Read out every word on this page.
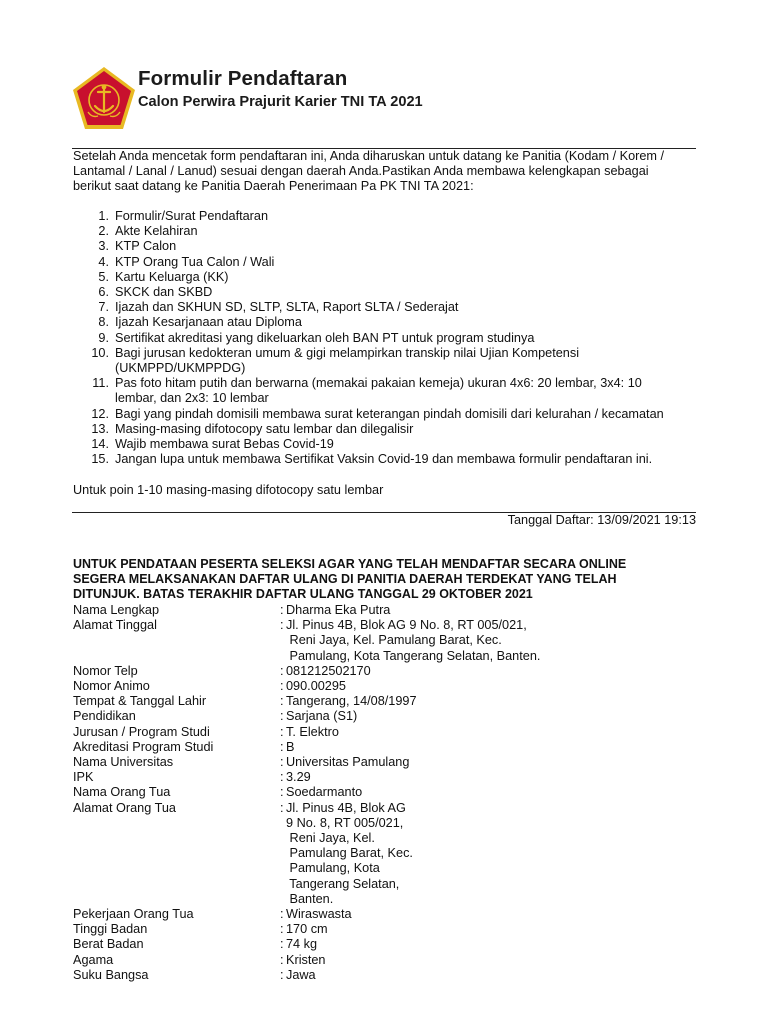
Formulir Pendaftaran
Calon Perwira Prajurit Karier TNI TA 2021
Setelah Anda mencetak form pendaftaran ini, Anda diharuskan untuk datang ke Panitia (Kodam / Korem /
Lantamal / Lanal / Lanud) sesuai dengan daerah Anda.Pastikan Anda membawa kelengkapan sebagai
berikut saat datang ke Panitia Daerah Penerimaan Pa PK TNI TA 2021:
1. Formulir/Surat Pendaftaran
2. Akte Kelahiran
3. KTP Calon
4. KTP Orang Tua Calon / Wali
5. Kartu Keluarga (KK)
6. SKCK dan SKBD
7. Ijazah dan SKHUN SD, SLTP, SLTA, Raport SLTA / Sederajat
8. Ijazah Kesarjanaan atau Diploma
9. Sertifikat akreditasi yang dikeluarkan oleh BAN PT untuk program studinya
10. Bagi jurusan kedokteran umum & gigi melampirkan transkip nilai Ujian Kompetensi
(UKMPPD/UKMPPDG)
11. Pas foto hitam putih dan berwarna (memakai pakaian kemeja) ukuran 4x6: 20 lembar, 3x4: 10
lembar, dan 2x3: 10 lembar
12. Bagi yang pindah domisili membawa surat keterangan pindah domisili dari kelurahan / kecamatan
13. Masing-masing difotocopy satu lembar dan dilegalisir
14. Wajib membawa surat Bebas Covid-19
15. Jangan lupa untuk membawa Sertifikat Vaksin Covid-19 dan membawa formulir pendaftaran ini.
Untuk poin 1-10 masing-masing difotocopy satu lembar
Tanggal Daftar: 13/09/2021 19:13
UNTUK PENDATAAN PESERTA SELEKSI AGAR YANG TELAH MENDAFTAR SECARA ONLINE
SEGERA MELAKSANAKAN DAFTAR ULANG DI PANITIA DAERAH TERDEKAT YANG TELAH
DITUNJUK. BATAS TERAKHIR DAFTAR ULANG TANGGAL 29 OKTOBER 2021
Nama Lengkap	: Dharma Eka Putra
Alamat Tinggal	: Jl. Pinus 4B, Blok AG 9 No. 8, RT 005/021,
Reni Jaya, Kel. Pamulang Barat, Kec.
Pamulang, Kota Tangerang Selatan, Banten.
Nomor Telp	: 081212502170
Nomor Animo	: 090.00295
Tempat & Tanggal Lahir	: Tangerang, 14/08/1997
Pendidikan	: Sarjana (S1)
Jurusan / Program Studi	: T. Elektro
Akreditasi Program Studi	: B
Nama Universitas	: Universitas Pamulang
IPK	: 3.29
Nama Orang Tua	: Soedarmanto
Alamat Orang Tua	: Jl. Pinus 4B, Blok AG
9 No. 8, RT 005/021,
Reni Jaya, Kel.
Pamulang Barat, Kec.
Pamulang, Kota
Tangerang Selatan,
Banten.
Pekerjaan Orang Tua	: Wiraswasta
Tinggi Badan	: 170 cm
Berat Badan	: 74 kg
Agama	: Kristen
Suku Bangsa	: Jawa
